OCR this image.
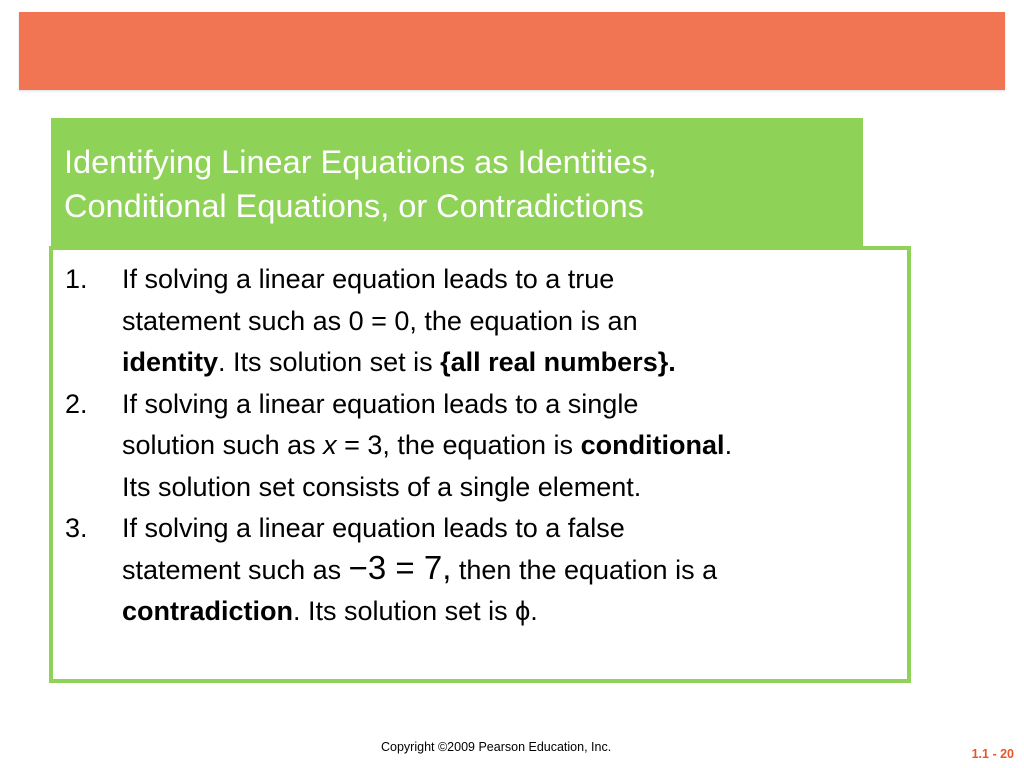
Identifying Linear Equations as Identities,
Conditional Equations, or Contradictions
1. If solving a linear equation leads to a true
statement such as 0 = 0, the equation is an
identity. Its solution set is {all real numbers}.
2. If solving a linear equation leads to a single
solution such as x = 3, the equation is conditional.
Its solution set consists of a single element.
3. If solving a linear equation leads to a false
statement such as −3 = 7, then the equation is a
contradiction. Its solution set is ϕ.
Copyright ©2009 Pearson Education, Inc.	1.1 - 20
